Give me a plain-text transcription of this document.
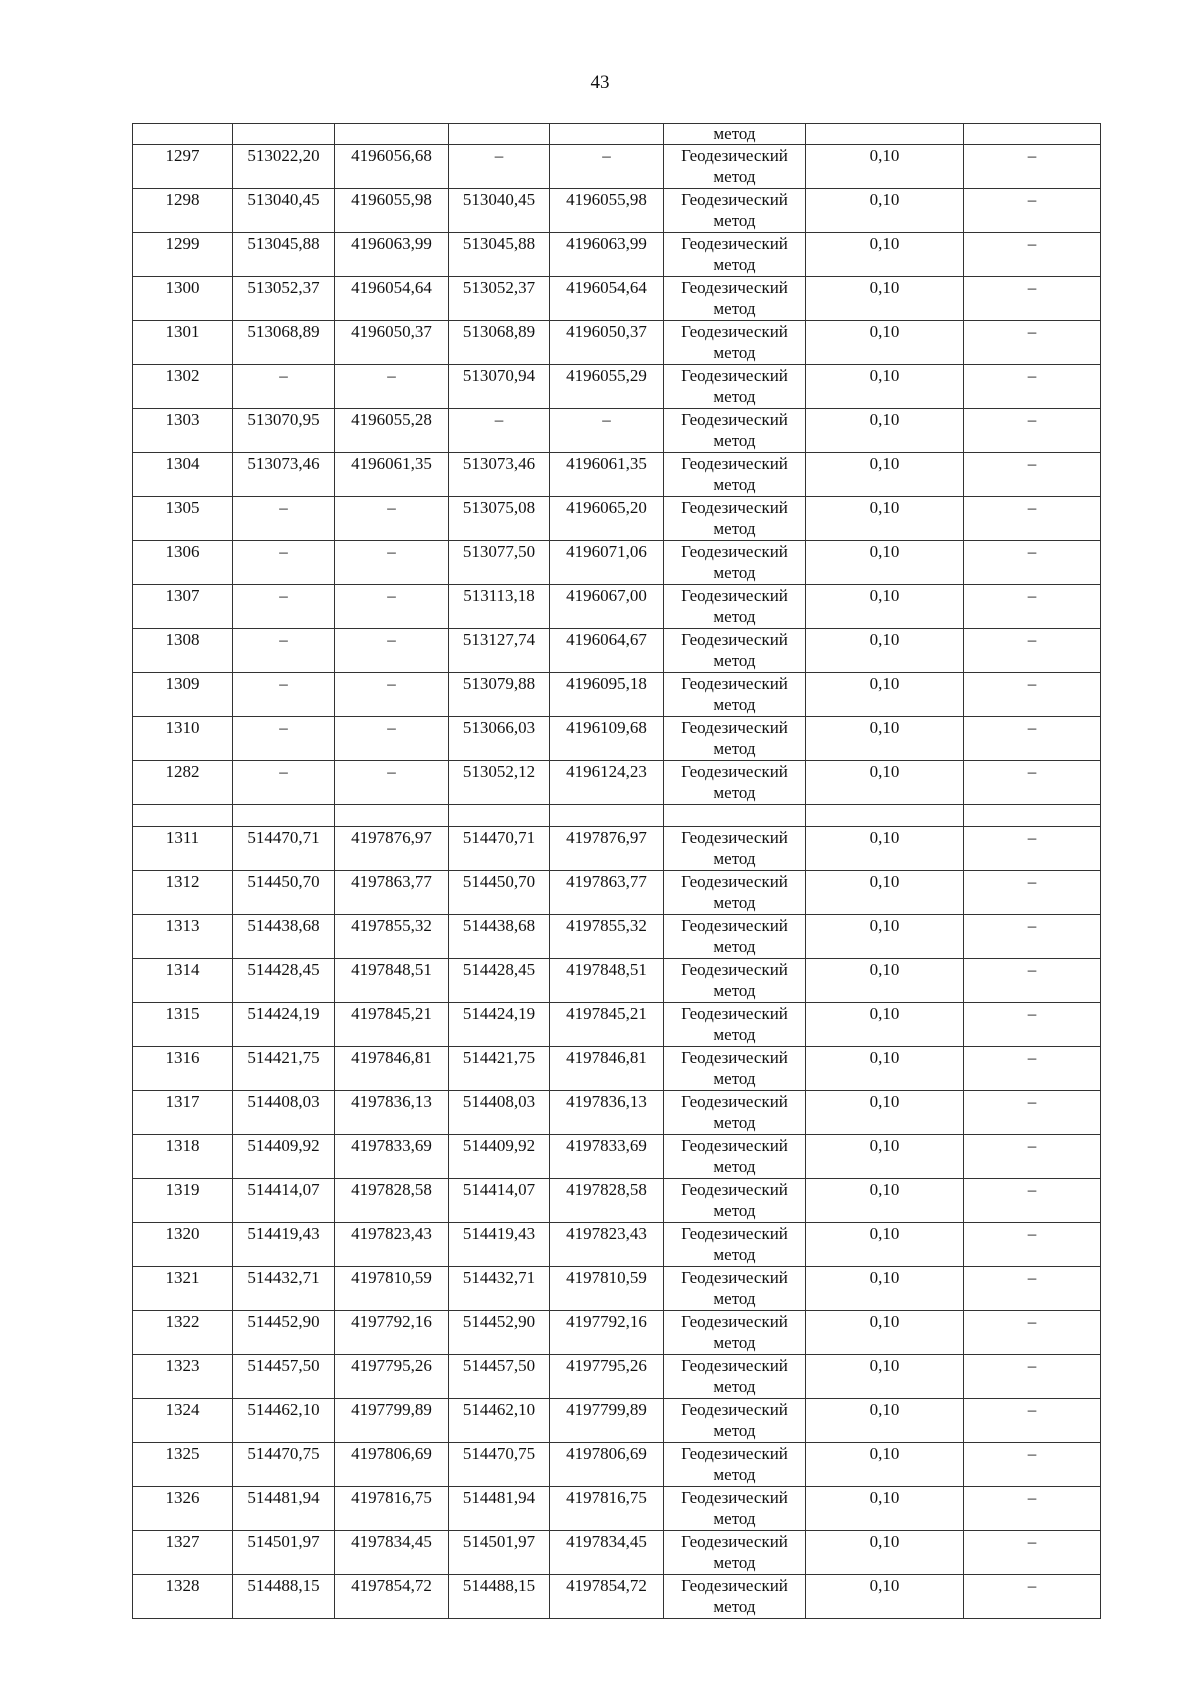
43
					метод		
1297	513022,20	4196056,68	–	–	Геодезический метод	0,10	–
1298	513040,45	4196055,98	513040,45	4196055,98	Геодезический метод	0,10	–
1299	513045,88	4196063,99	513045,88	4196063,99	Геодезический метод	0,10	–
1300	513052,37	4196054,64	513052,37	4196054,64	Геодезический метод	0,10	–
1301	513068,89	4196050,37	513068,89	4196050,37	Геодезический метод	0,10	–
1302	–	–	513070,94	4196055,29	Геодезический метод	0,10	–
1303	513070,95	4196055,28	–	–	Геодезический метод	0,10	–
1304	513073,46	4196061,35	513073,46	4196061,35	Геодезический метод	0,10	–
1305	–	–	513075,08	4196065,20	Геодезический метод	0,10	–
1306	–	–	513077,50	4196071,06	Геодезический метод	0,10	–
1307	–	–	513113,18	4196067,00	Геодезический метод	0,10	–
1308	–	–	513127,74	4196064,67	Геодезический метод	0,10	–
1309	–	–	513079,88	4196095,18	Геодезический метод	0,10	–
1310	–	–	513066,03	4196109,68	Геодезический метод	0,10	–
1282	–	–	513052,12	4196124,23	Геодезический метод	0,10	–

1311	514470,71	4197876,97	514470,71	4197876,97	Геодезический метод	0,10	–
1312	514450,70	4197863,77	514450,70	4197863,77	Геодезический метод	0,10	–
1313	514438,68	4197855,32	514438,68	4197855,32	Геодезический метод	0,10	–
1314	514428,45	4197848,51	514428,45	4197848,51	Геодезический метод	0,10	–
1315	514424,19	4197845,21	514424,19	4197845,21	Геодезический метод	0,10	–
1316	514421,75	4197846,81	514421,75	4197846,81	Геодезический метод	0,10	–
1317	514408,03	4197836,13	514408,03	4197836,13	Геодезический метод	0,10	–
1318	514409,92	4197833,69	514409,92	4197833,69	Геодезический метод	0,10	–
1319	514414,07	4197828,58	514414,07	4197828,58	Геодезический метод	0,10	–
1320	514419,43	4197823,43	514419,43	4197823,43	Геодезический метод	0,10	–
1321	514432,71	4197810,59	514432,71	4197810,59	Геодезический метод	0,10	–
1322	514452,90	4197792,16	514452,90	4197792,16	Геодезический метод	0,10	–
1323	514457,50	4197795,26	514457,50	4197795,26	Геодезический метод	0,10	–
1324	514462,10	4197799,89	514462,10	4197799,89	Геодезический метод	0,10	–
1325	514470,75	4197806,69	514470,75	4197806,69	Геодезический метод	0,10	–
1326	514481,94	4197816,75	514481,94	4197816,75	Геодезический метод	0,10	–
1327	514501,97	4197834,45	514501,97	4197834,45	Геодезический метод	0,10	–
1328	514488,15	4197854,72	514488,15	4197854,72	Геодезический метод	0,10	–
